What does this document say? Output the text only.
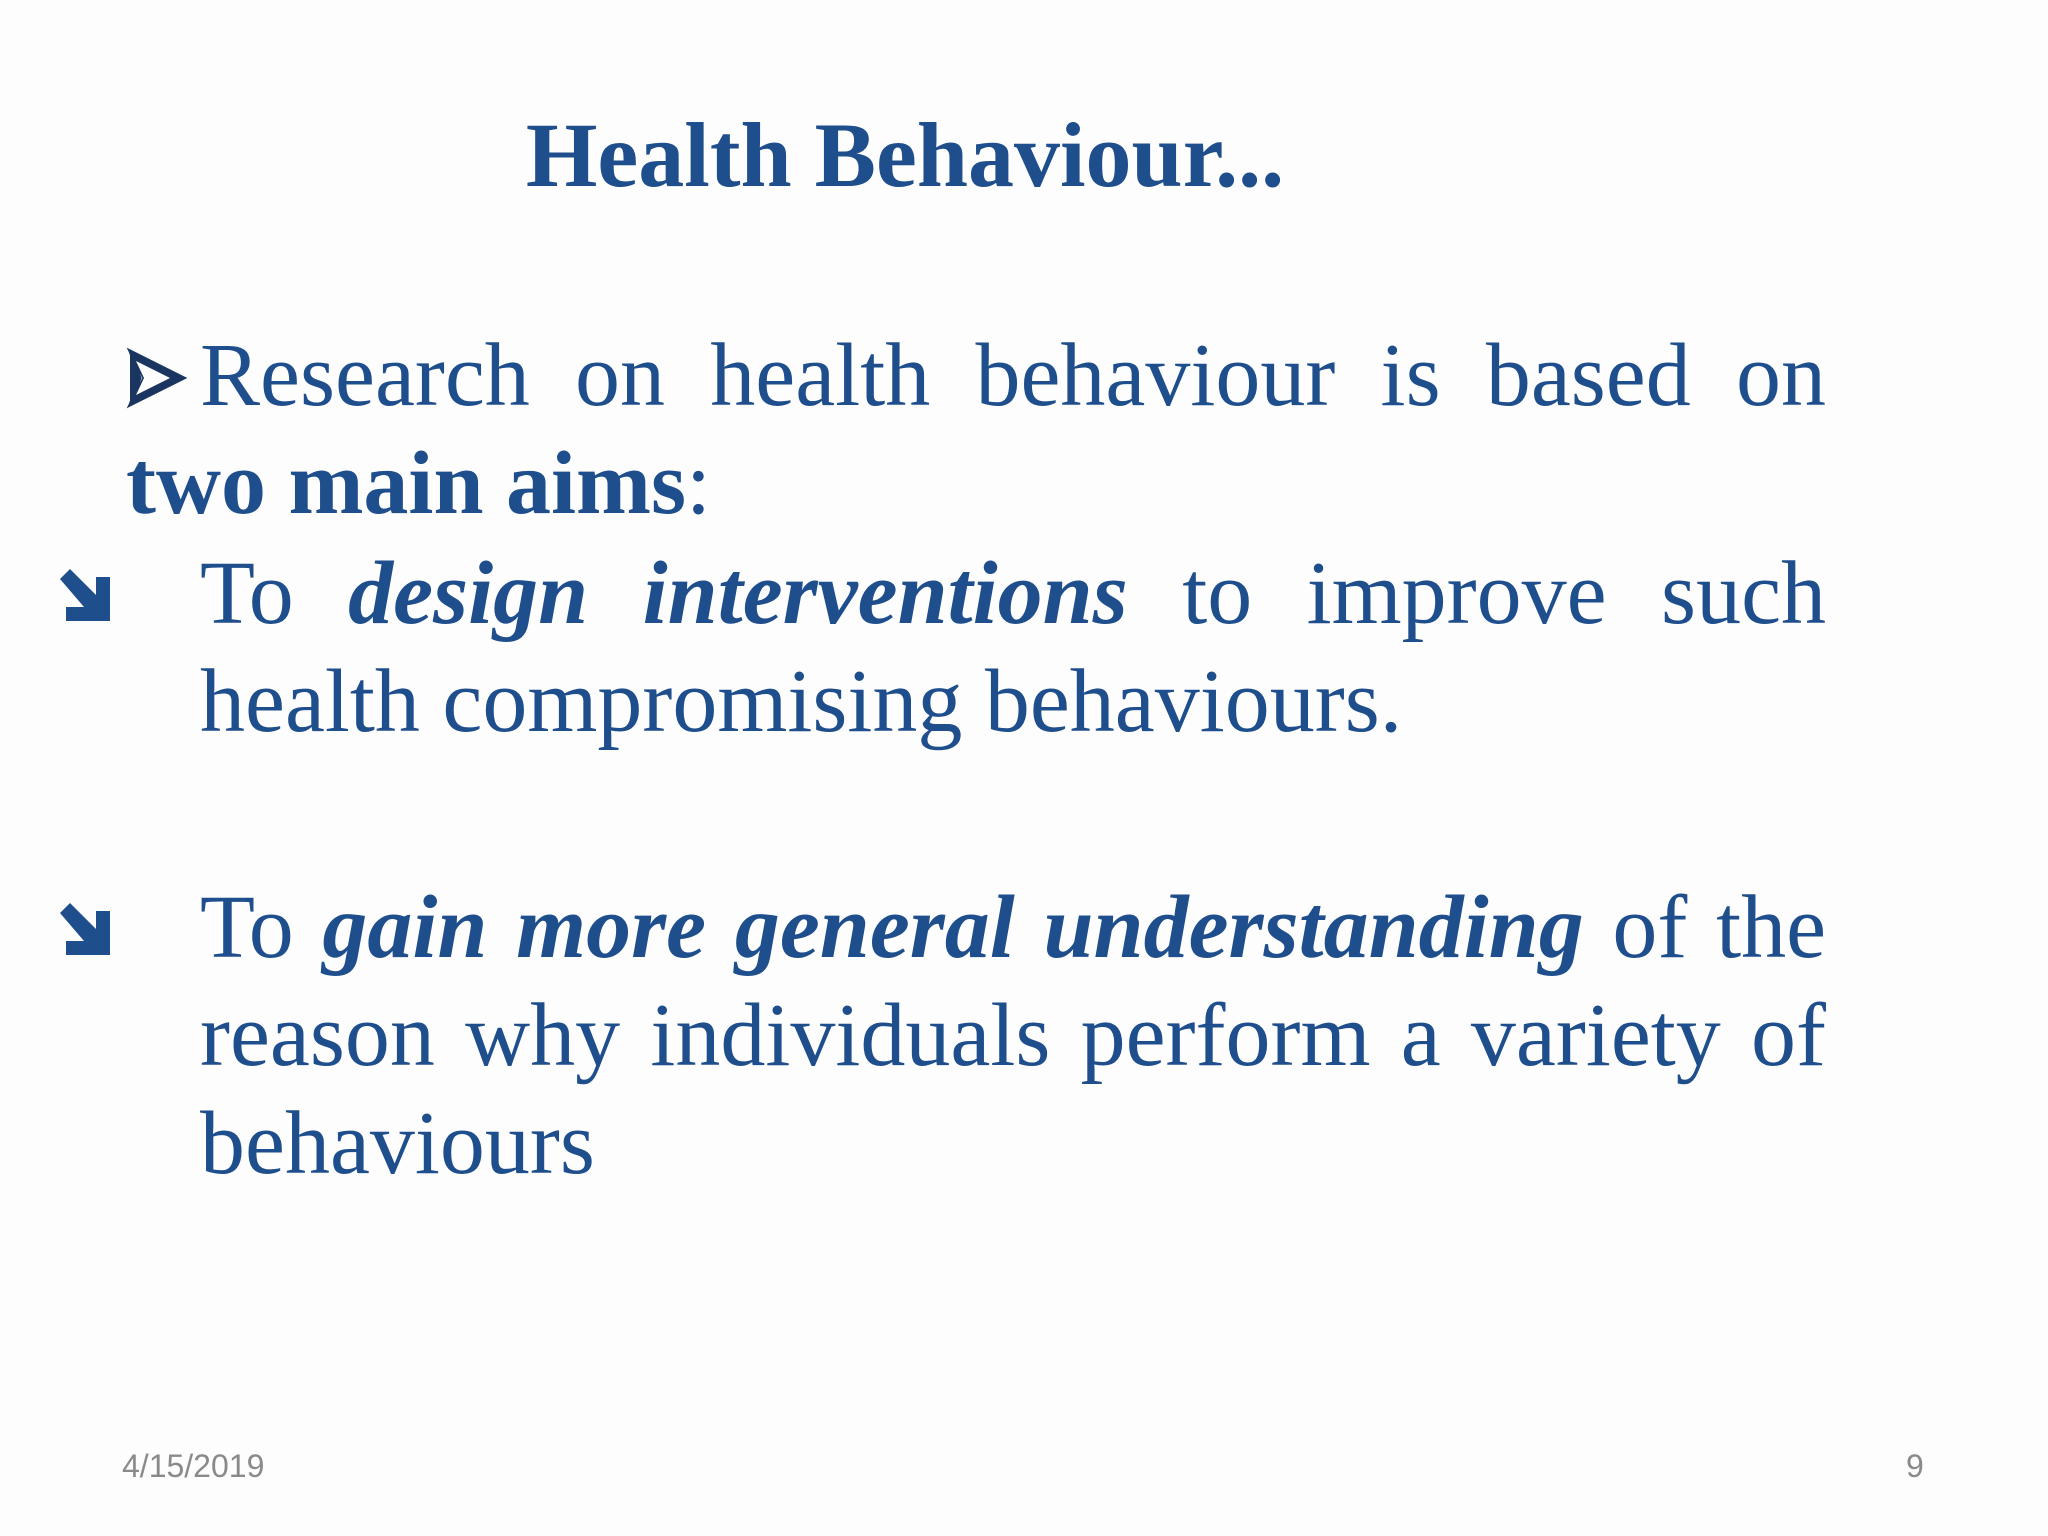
Health Behaviour...

Research on health behaviour is based on two main aims:

To design interventions to improve such health compromising behaviours.

To gain more general understanding of the reason why individuals perform a variety of behaviours

4/15/2019	9
